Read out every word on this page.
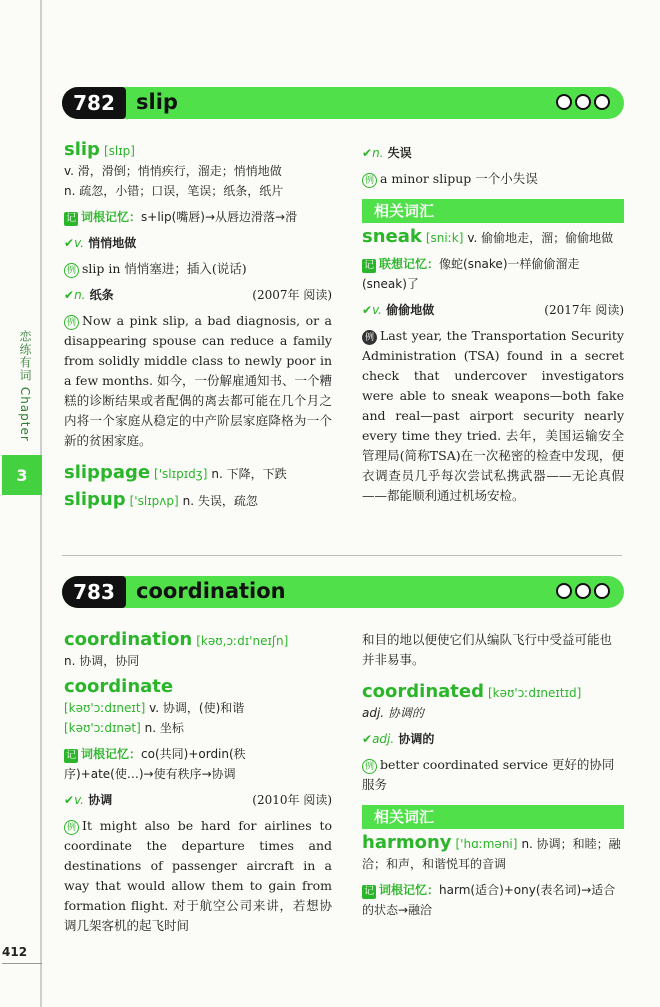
恋练有词 Chapter
3
412
782	slip

slip [slɪp]

v. 滑，滑倒；悄悄疾行，溜走；悄悄地做

n. 疏忽，小错；口误，笔误；纸条，纸片

记 词根记忆：s+lip(嘴唇)→从唇边滑落→滑

✔v. 悄悄地做

例 slip in 悄悄塞进；插入(说话)

✔n. 纸条	(2007年 阅读)

例 Now a pink slip, a bad diagnosis, or a disappearing spouse can reduce a family from solidly middle class to newly poor in a few months. 如今，一份解雇通知书、一个糟糕的诊断结果或者配偶的离去都可能在几个月之内将一个家庭从稳定的中产阶层家庭降格为一个新的贫困家庭。

slippage ['slɪpɪdʒ] n. 下降，下跌

slipup ['slɪpʌp] n. 失误，疏忽

✔n. 失误

例 a minor slipup 一个小失误

相关词汇

sneak [sniːk] v. 偷偷地走，溜；偷偷地做

记 联想记忆：像蛇(snake)一样偷偷溜走(sneak)了

✔v. 偷偷地做	(2017年 阅读)

例 Last year, the Transportation Security Administration (TSA) found in a secret check that undercover investigators were able to sneak weapons—both fake and real—past airport security nearly every time they tried. 去年，美国运输安全管理局(简称TSA)在一次秘密的检查中发现，便衣调查员几乎每次尝试私携武器——无论真假——都能顺利通过机场安检。

783	coordination

coordination [kəʊ,ɔːdɪ'neɪʃn]

n. 协调，协同

coordinate

[kəʊ'ɔːdɪneɪt] v. 协调，(使)和谐

[kəʊ'ɔːdɪnət] n. 坐标

记 词根记忆：co(共同)+ordin(秩序)+ate(使…)→使有秩序→协调

✔v. 协调	(2010年 阅读)

例 It might also be hard for airlines to coordinate the departure times and destinations of passenger aircraft in a way that would allow them to gain from formation flight. 对于航空公司来讲，若想协调几架客机的起飞时间

和目的地以便使它们从编队飞行中受益可能也并非易事。

coordinated [kəʊ'ɔːdɪneɪtɪd]

adj. 协调的

✔adj. 协调的

例 better coordinated service 更好的协同服务

相关词汇

harmony ['hɑːməni] n. 协调；和睦；融洽；和声，和谐悦耳的音调

记 词根记忆：harm(适合)+ony(表名词)→适合的状态→融洽
